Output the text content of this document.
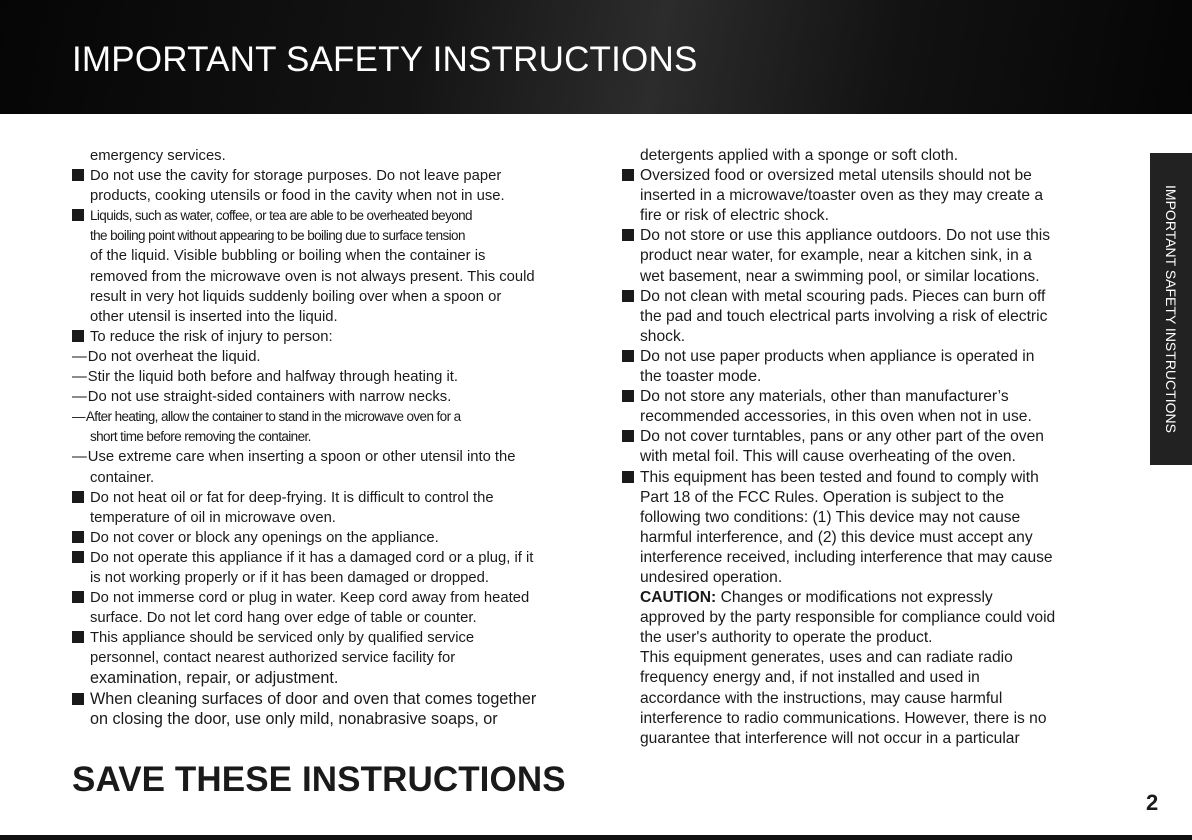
IMPORTANT SAFETY INSTRUCTIONS
emergency services.
Do not use the cavity for storage purposes. Do not leave paper
products, cooking utensils or food in the cavity when not in use.
Liquids, such as water, coffee, or tea are able to be overheated beyond
the boiling point without appearing to be boiling due to surface tension
of the liquid. Visible bubbling or boiling when the container is
removed from the microwave oven is not always present. This could
result in very hot liquids suddenly boiling over when a spoon or
other utensil is inserted into the liquid.
To reduce the risk of injury to person:
—Do not overheat the liquid.
—Stir the liquid both before and halfway through heating it.
—Do not use straight-sided containers with narrow necks.
—After heating, allow the container to stand in the microwave oven for a
short time before removing the container.
—Use extreme care when inserting a spoon or other utensil into the
container.
Do not heat oil or fat for deep-frying. It is difficult to control the
temperature of oil in microwave oven.
Do not cover or block any openings on the appliance.
Do not operate this appliance if it has a damaged cord or a plug, if it
is not working properly or if it has been damaged or dropped.
Do not immerse cord or plug in water. Keep cord away from heated
surface. Do not let cord hang over edge of table or counter.
This appliance should be serviced only by qualified service
personnel, contact nearest authorized service facility for
examination, repair, or adjustment.
When cleaning surfaces of door and oven that comes together
on closing the door, use only mild, nonabrasive soaps, or
detergents applied with a sponge or soft cloth.
Oversized food or oversized metal utensils should not be
inserted in a microwave/toaster oven as they may create a
fire or risk of electric shock.
Do not store or use this appliance outdoors. Do not use this
product near water, for example, near a kitchen sink, in a
wet basement, near a swimming pool, or similar locations.
Do not clean with metal scouring pads. Pieces can burn off
the pad and touch electrical parts involving a risk of electric
shock.
Do not use paper products when appliance is operated in
the toaster mode.
Do not store any materials, other than manufacturer’s
recommended accessories, in this oven when not in use.
Do not cover turntables, pans or any other part of the oven
with metal foil. This will cause overheating of the oven.
This equipment has been tested and found to comply with
Part 18 of the FCC Rules. Operation is subject to the
following two conditions: (1) This device may not cause
harmful interference, and (2) this device must accept any
interference received, including interference that may cause
undesired operation.
CAUTION: Changes or modifications not expressly
approved by the party responsible for compliance could void
the user's authority to operate the product.
This equipment generates, uses and can radiate radio
frequency energy and, if not installed and used in
accordance with the instructions, may cause harmful
interference to radio communications. However, there is no
guarantee that interference will not occur in a particular
SAVE THESE INSTRUCTIONS
IMPORTANT SAFETY INSTRUCTIONS
2
